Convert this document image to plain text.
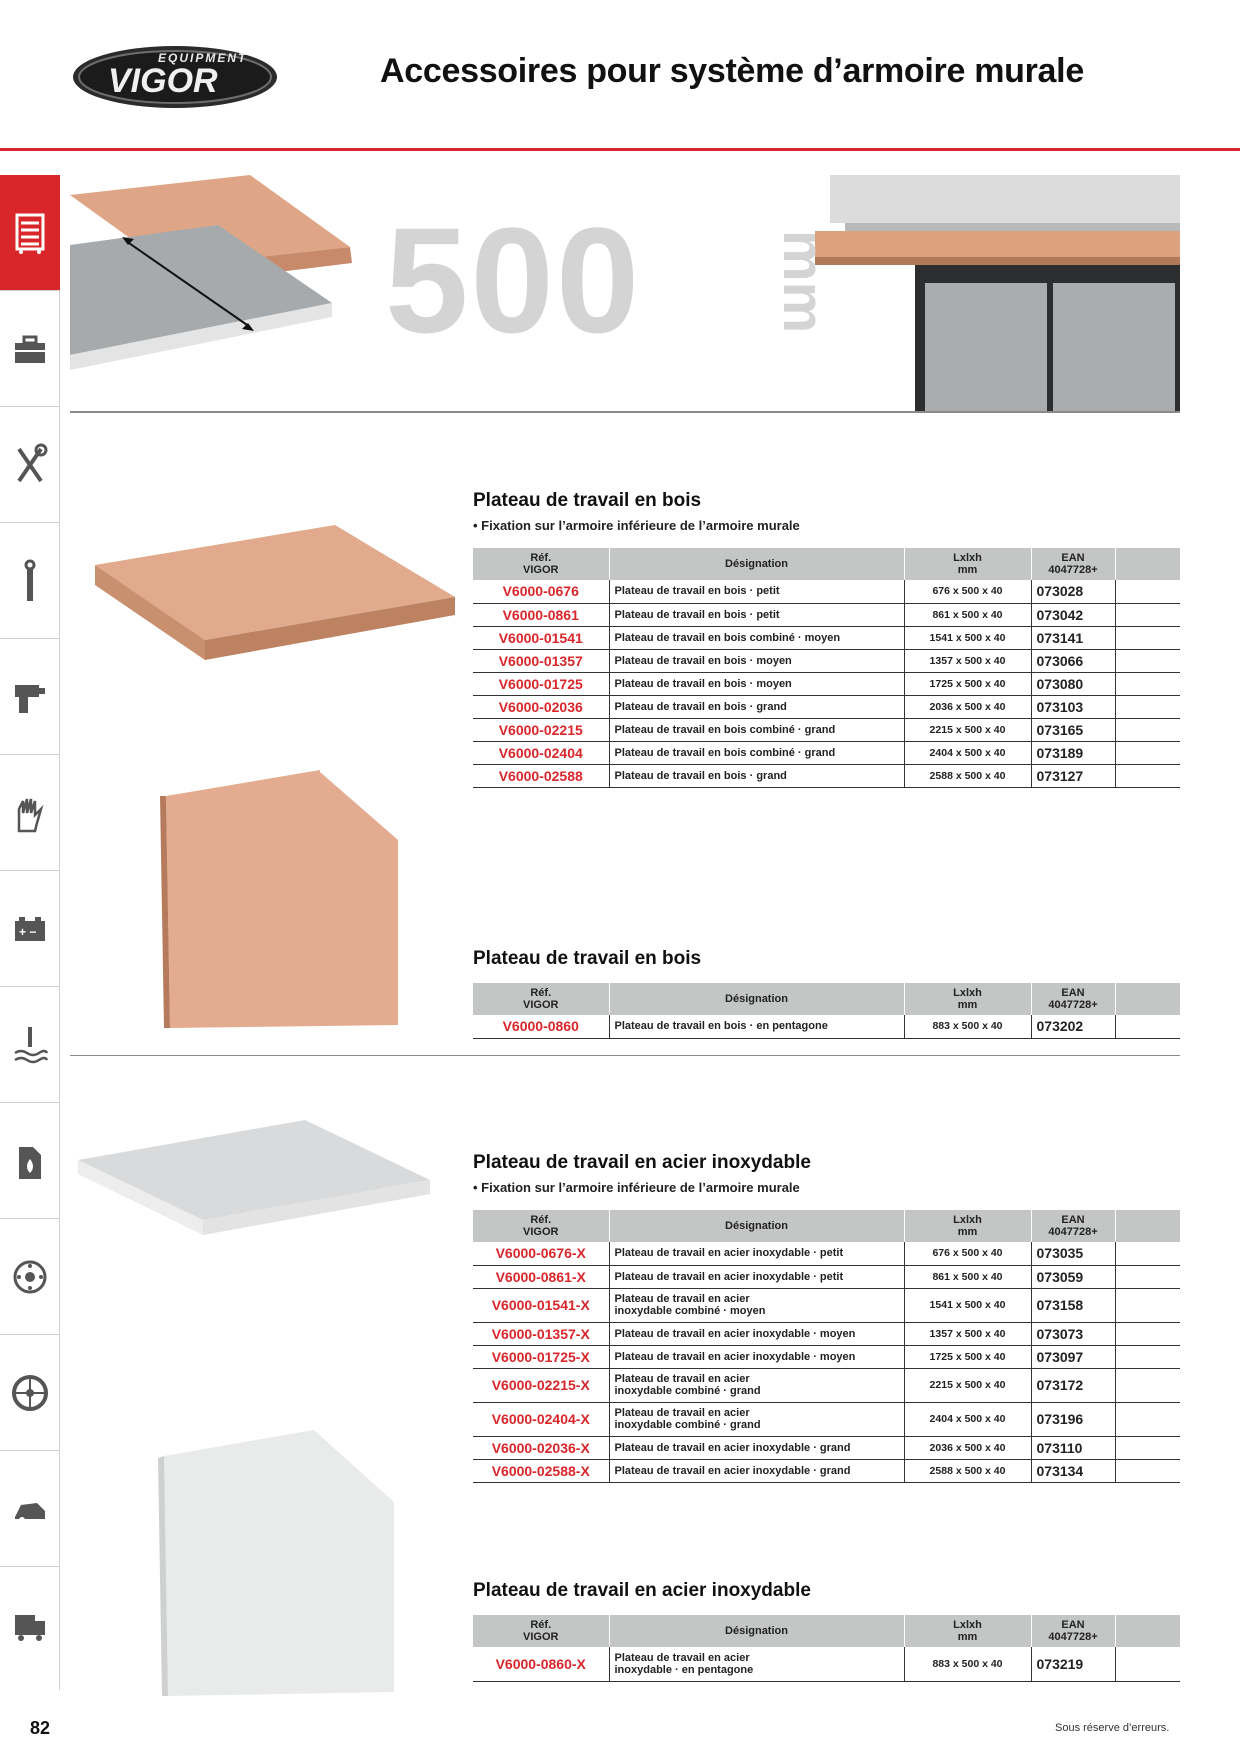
EQUIPMENT
VIGOR	Accessoires pour système d’armoire murale
+ −
500 mm
Plateau de travail en bois
• Fixation sur l’armoire inférieure de l’armoire murale
Réf.
VIGOR	Désignation	Lxlxh
mm	EAN
4047728+	
V6000-0676	Plateau de travail en bois · petit	676 x 500 x 40	073028	
V6000-0861	Plateau de travail en bois · petit	861 x 500 x 40	073042	
V6000-01541	Plateau de travail en bois combiné · moyen	1541 x 500 x 40	073141	
V6000-01357	Plateau de travail en bois · moyen	1357 x 500 x 40	073066	
V6000-01725	Plateau de travail en bois · moyen	1725 x 500 x 40	073080	
V6000-02036	Plateau de travail en bois · grand	2036 x 500 x 40	073103	
V6000-02215	Plateau de travail en bois combiné · grand	2215 x 500 x 40	073165	
V6000-02404	Plateau de travail en bois combiné · grand	2404 x 500 x 40	073189	
V6000-02588	Plateau de travail en bois · grand	2588 x 500 x 40	073127	
Plateau de travail en bois
Réf.
VIGOR	Désignation	Lxlxh
mm	EAN
4047728+	
V6000-0860	Plateau de travail en bois · en pentagone	883 x 500 x 40	073202	
Plateau de travail en acier inoxydable
• Fixation sur l’armoire inférieure de l’armoire murale
Réf.
VIGOR	Désignation	Lxlxh
mm	EAN
4047728+	
V6000-0676-X	Plateau de travail en acier inoxydable · petit	676 x 500 x 40	073035	
V6000-0861-X	Plateau de travail en acier inoxydable · petit	861 x 500 x 40	073059	
V6000-01541-X	Plateau de travail en acier
inoxydable combiné · moyen	1541 x 500 x 40	073158	
V6000-01357-X	Plateau de travail en acier inoxydable · moyen	1357 x 500 x 40	073073	
V6000-01725-X	Plateau de travail en acier inoxydable · moyen	1725 x 500 x 40	073097	
V6000-02215-X	Plateau de travail en acier
inoxydable combiné · grand	2215 x 500 x 40	073172	
V6000-02404-X	Plateau de travail en acier
inoxydable combiné · grand	2404 x 500 x 40	073196	
V6000-02036-X	Plateau de travail en acier inoxydable · grand	2036 x 500 x 40	073110	
V6000-02588-X	Plateau de travail en acier inoxydable · grand	2588 x 500 x 40	073134	
Plateau de travail en acier inoxydable
Réf.
VIGOR	Désignation	Lxlxh
mm	EAN
4047728+	
V6000-0860-X	Plateau de travail en acier
inoxydable · en pentagone	883 x 500 x 40	073219	
82	Sous réserve d’erreurs.
